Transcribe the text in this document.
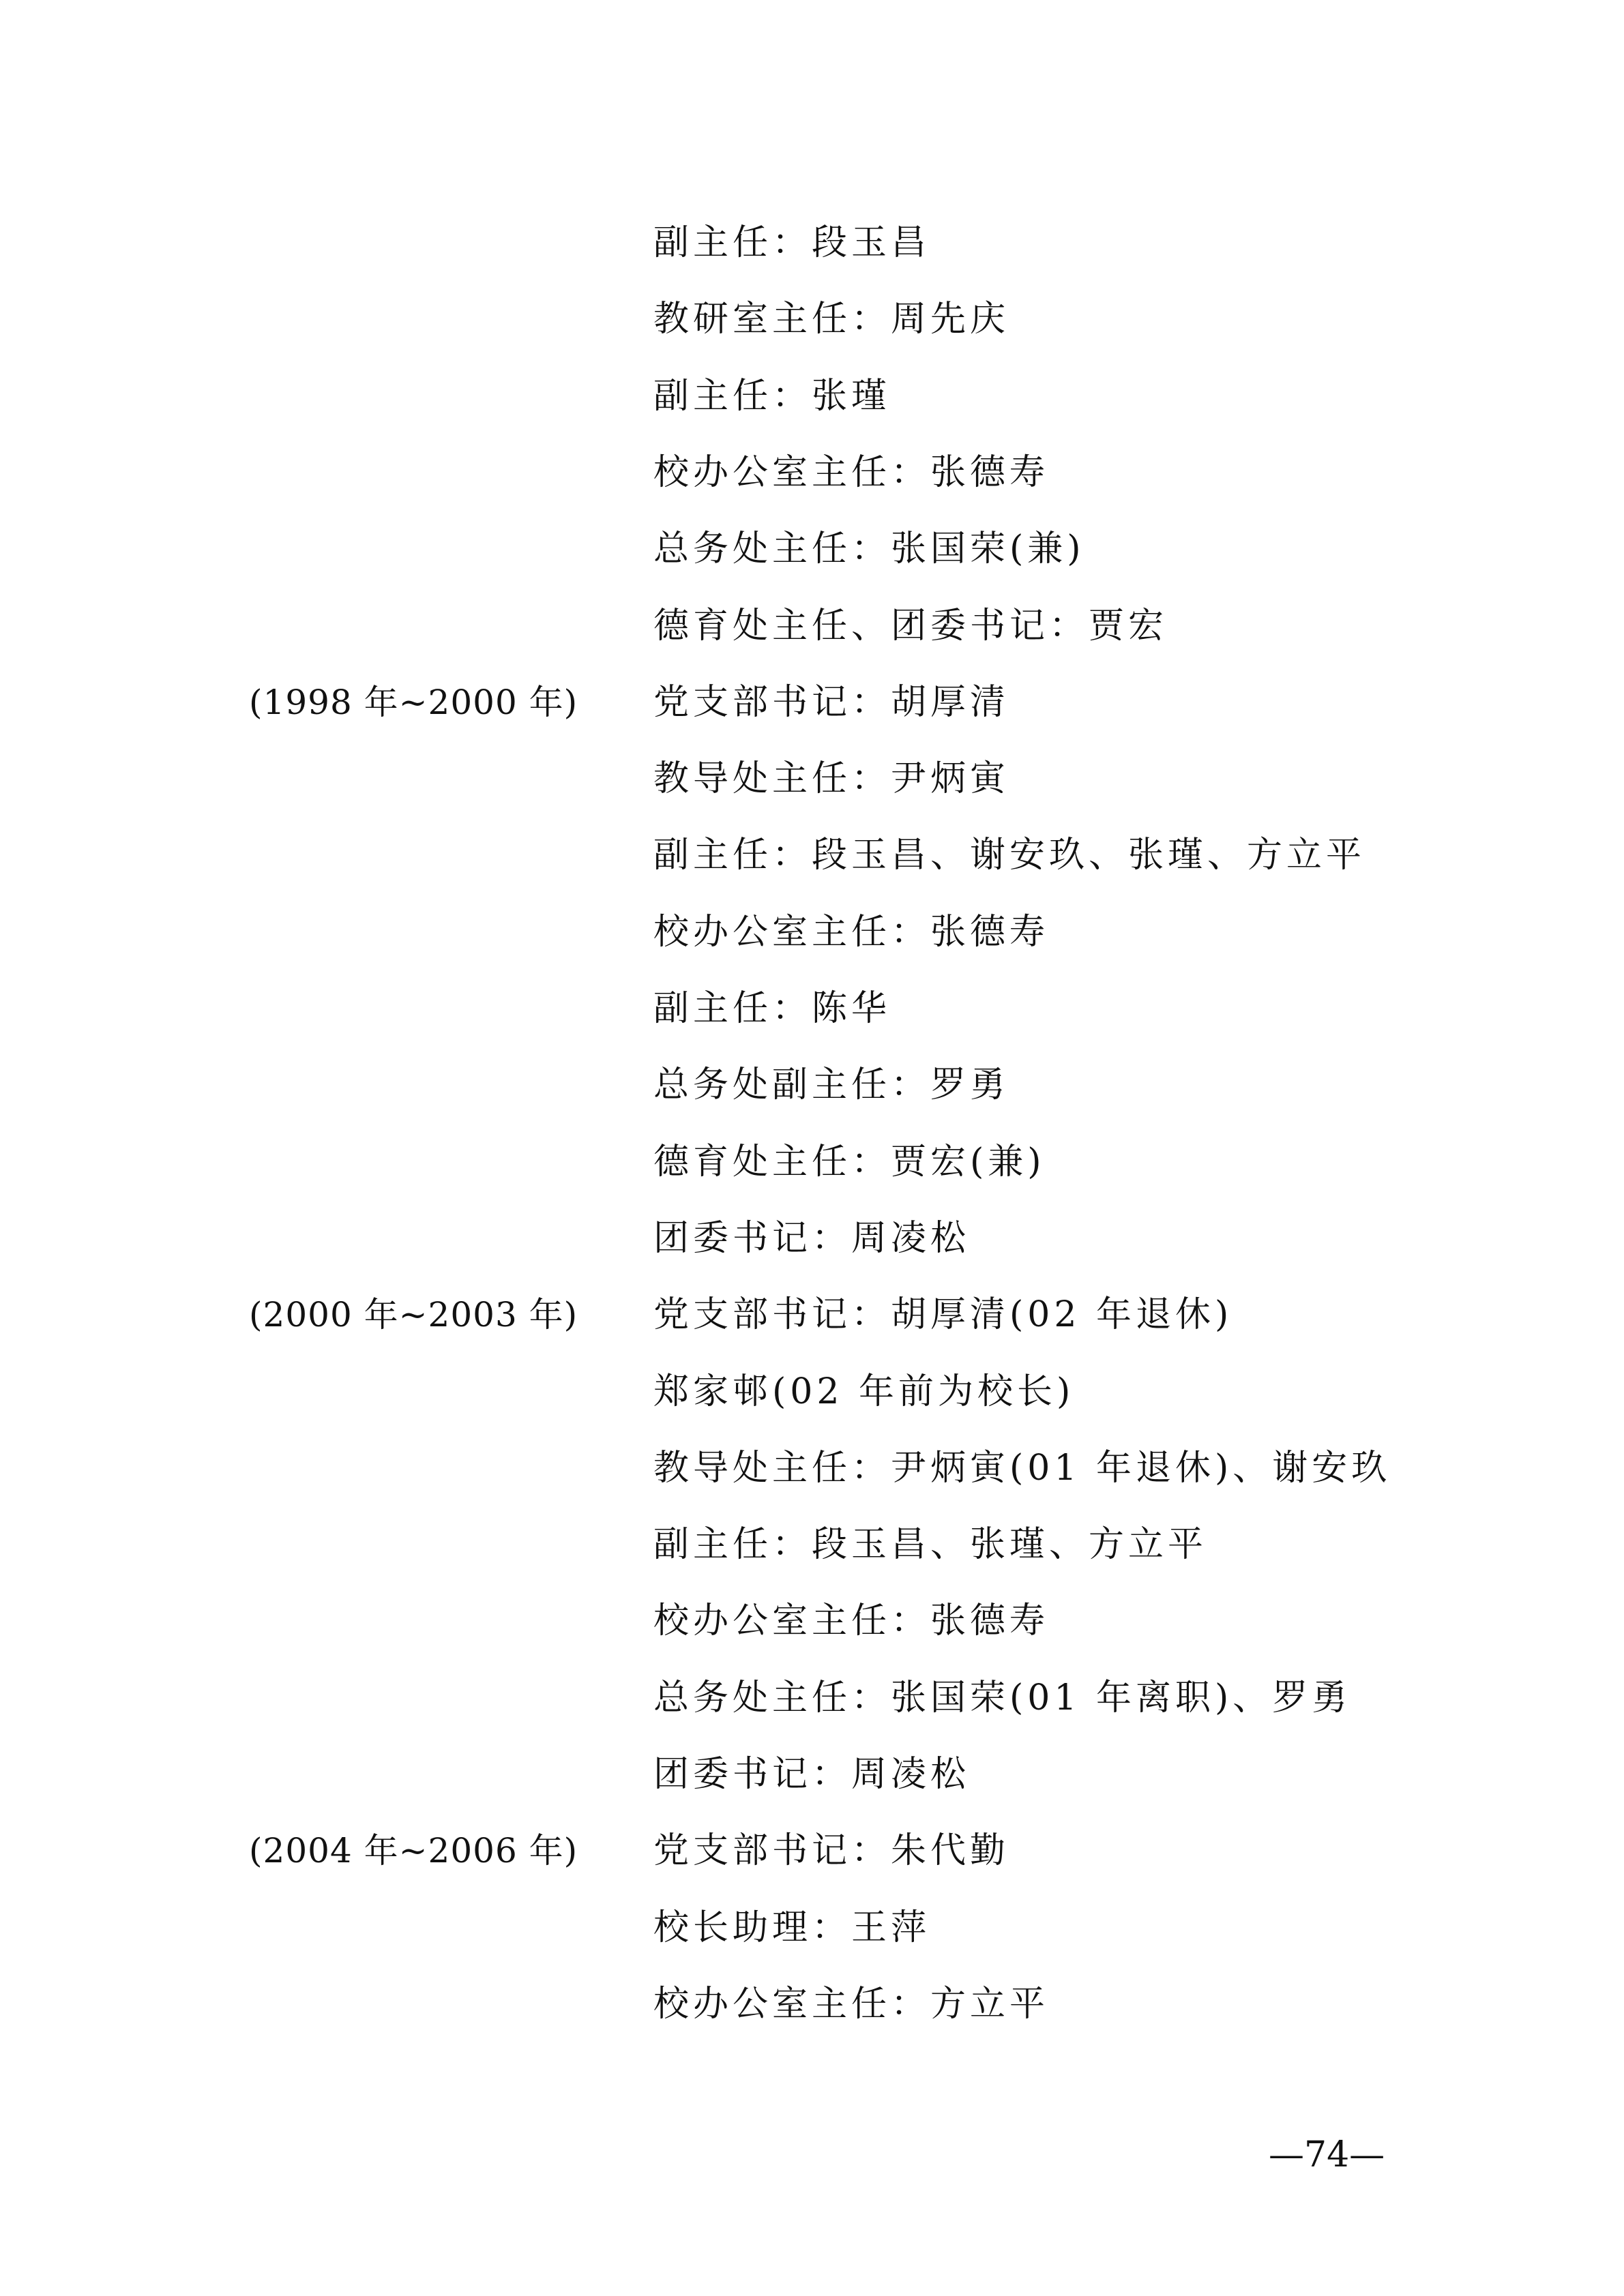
副主任：段玉昌
教研室主任：周先庆
副主任：张瑾
校办公室主任：张德寿
总务处主任：张国荣(兼)
德育处主任、团委书记：贾宏
(1998 年~2000 年) 党支部书记：胡厚清
教导处主任：尹炳寅
副主任：段玉昌、谢安玖、张瑾、方立平
校办公室主任：张德寿
副主任：陈华
总务处副主任：罗勇
德育处主任：贾宏(兼)
团委书记：周凌松
(2000 年~2003 年) 党支部书记：胡厚清(02 年退休)
郑家邨(02 年前为校长)
教导处主任：尹炳寅(01 年退休)、谢安玖
副主任：段玉昌、张瑾、方立平
校办公室主任：张德寿
总务处主任：张国荣(01 年离职)、罗勇
团委书记：周凌松
(2004 年~2006 年) 党支部书记：朱代勤
校长助理：王萍
校办公室主任：方立平
—74—
